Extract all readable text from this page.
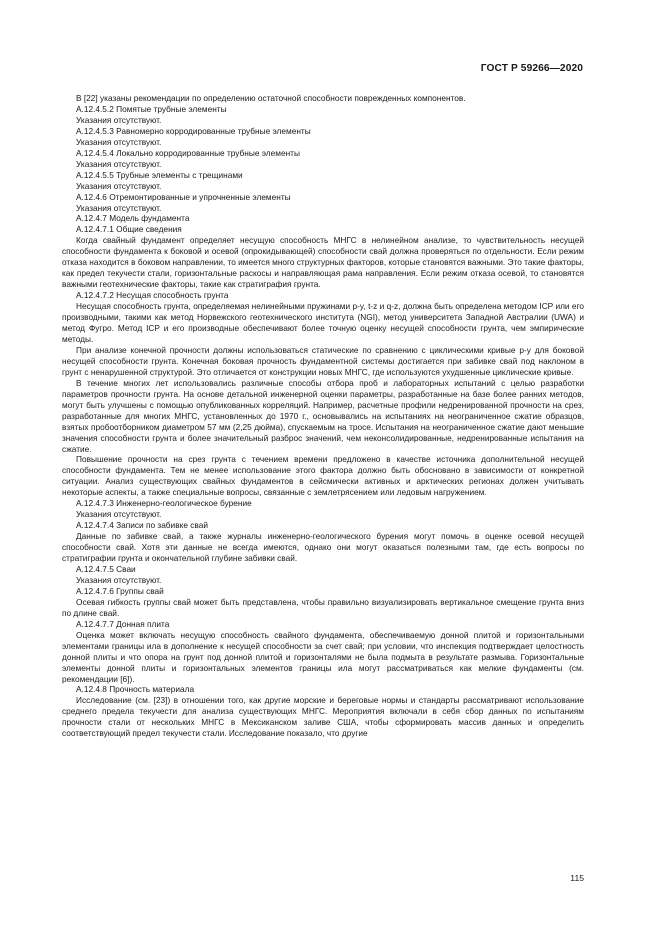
ГОСТ Р 59266—2020

В [22] указаны рекомендации по определению остаточной способности поврежденных компонентов.

А.12.4.5.2 Помятые трубные элементы

Указания отсутствуют.

А.12.4.5.3 Равномерно корродированные трубные элементы

Указания отсутствуют.

А.12.4.5.4 Локально корродированные трубные элементы

Указания отсутствуют.

А.12.4.5.5 Трубные элементы с трещинами

Указания отсутствуют.

А.12.4.6 Отремонтированные и упрочненные элементы

Указания отсутствуют.

А.12.4.7 Модель фундамента

А.12.4.7.1 Общие сведения

Когда свайный фундамент определяет несущую способность МНГС в нелинейном анализе, то чувствительность несущей способности фундамента к боковой и осевой (опрокидывающей) способности свай должна проверяться по отдельности. Если режим отказа находится в боковом направлении, то имеется много структурных факторов, которые становятся важными. Это такие факторы, как предел текучести стали, горизонтальные раскосы и направляющая рама направления. Если режим отказа осевой, то становятся важными геотехнические факторы, такие как стратиграфия грунта.

А.12.4.7.2 Несущая способность грунта

Несущая способность грунта, определяемая нелинейными пружинами p-y, t-z и q-z, должна быть определена методом ICP или его производными, такими как метод Норвежского геотехнического института (NGI), метод университета Западной Австралии (UWA) и метод Фугро. Метод ICP и его производные обеспечивают более точную оценку несущей способности грунта, чем эмпирические методы.

При анализе конечной прочности должны использоваться статические по сравнению с циклическими кривые p-y для боковой несущей способности грунта. Конечная боковая прочность фундаментной системы достигается при забивке свай под наклоном в грунт с ненарушенной структурой. Это отличается от конструкции новых МНГС, где используются ухудшенные циклические кривые.

В течение многих лет использовались различные способы отбора проб и лабораторных испытаний с целью разработки параметров прочности грунта. На основе детальной инженерной оценки параметры, разработанные на базе более ранних методов, могут быть улучшены с помощью опубликованных корреляций. Например, расчетные профили недренированной прочности на срез, разработанные для многих МНГС, установленных до 1970 г., основывались на испытаниях на неограниченное сжатие образцов, взятых пробоотборником диаметром 57 мм (2,25 дюйма), спускаемым на тросе. Испытания на неограниченное сжатие дают меньшие значения способности грунта и более значительный разброс значений, чем неконсолидированные, недренированные испытания на сжатие.

Повышение прочности на срез грунта с течением времени предложено в качестве источника дополнительной несущей способности фундамента. Тем не менее использование этого фактора должно быть обосновано в зависимости от конкретной ситуации. Анализ существующих свайных фундаментов в сейсмически активных и арктических регионах должен учитывать некоторые аспекты, а также специальные вопросы, связанные с землетрясением или ледовым нагружением.

А.12.4.7.3 Инженерно-геологическое бурение

Указания отсутствуют.

А.12.4.7.4 Записи по забивке свай

Данные по забивке свай, а также журналы инженерно-геологического бурения могут помочь в оценке осевой несущей способности свай. Хотя эти данные не всегда имеются, однако они могут оказаться полезными там, где есть вопросы по стратиграфии грунта и окончательной глубине забивки свай.

А.12.4.7.5 Сваи

Указания отсутствуют.

А.12.4.7.6 Группы свай

Осевая гибкость группы свай может быть представлена, чтобы правильно визуализировать вертикальное смещение грунта вниз по длине свай.

А.12.4.7.7 Донная плита

Оценка может включать несущую способность свайного фундамента, обеспечиваемую донной плитой и горизонтальными элементами границы ила в дополнение к несущей способности за счет свай; при условии, что инспекция подтверждает целостность донной плиты и что опора на грунт под донной плитой и горизонталями не была подмыта в результате размыва. Горизонтальные элементы донной плиты и горизонтальных элементов границы ила могут рассматриваться как мелкие фундаменты (см. рекомендации [6]).

А.12.4.8 Прочность материала

Исследование (см. [23]) в отношении того, как другие морские и береговые нормы и стандарты рассматривают использование среднего предела текучести для анализа существующих МНГС. Мероприятия включали в себя сбор данных по испытаниям прочности стали от нескольких МНГС в Мексиканском заливе США, чтобы сформировать массив данных и определить соответствующий предел текучести стали. Исследование показало, что другие

115
